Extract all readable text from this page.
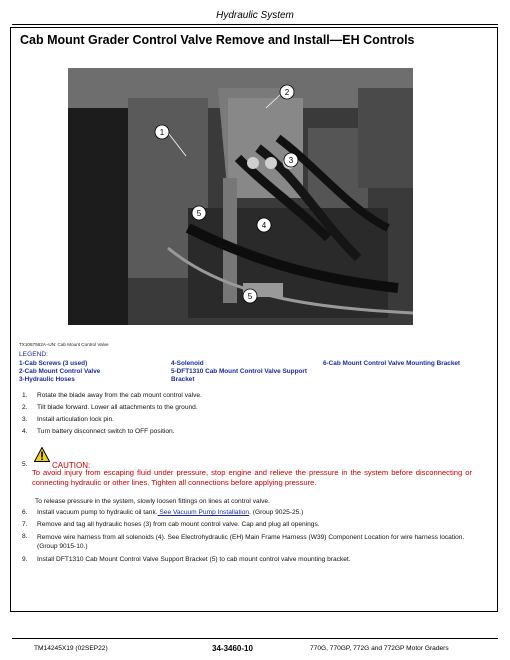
Hydraulic System
Cab Mount Grader Control Valve Remove and Install—EH Controls
1
2
3
4
5
5
TX1067562A–UN: Cab Mount Control Valve
LEGEND:
1-Cab Screws (3 used)
2-Cab Mount Control Valve
3-Hydraulic Hoses
4-Solenoid
5-DFT1310 Cab Mount Control Valve Support
Bracket
6-Cab Mount Control Valve Mounting Bracket
1. Rotate the blade away from the cab mount control valve.
2. Tilt blade forward. Lower all attachments to the ground.
3. Install articulation lock pin.
4. Turn battery disconnect switch to OFF position.
5.	CAUTION:
To avoid injury from escaping fluid under pressure, stop engine and relieve the pressure in the system before disconnecting or connecting hydraulic or other lines. Tighten all connections before applying pressure.
To release pressure in the system, slowly loosen fittings on lines at control valve.
6. Install vacuum pump to hydraulic oil tank. See Vacuum Pump Installation. (Group 9025-25.)
7. Remove and tag all hydraulic hoses (3) from cab mount control valve. Cap and plug all openings.
8. Remove wire harness from all solenoids (4). See Electrohydraulic (EH) Main Frame Harness (W39) Component Location for wire harness location. (Group 9015-10.)
9. Install DFT1310 Cab Mount Control Valve Support Bracket (5) to cab mount control valve mounting bracket.
TM14245X19 (02SEP22)	34-3460-10	770G, 770GP, 772G and 772GP Motor Graders
